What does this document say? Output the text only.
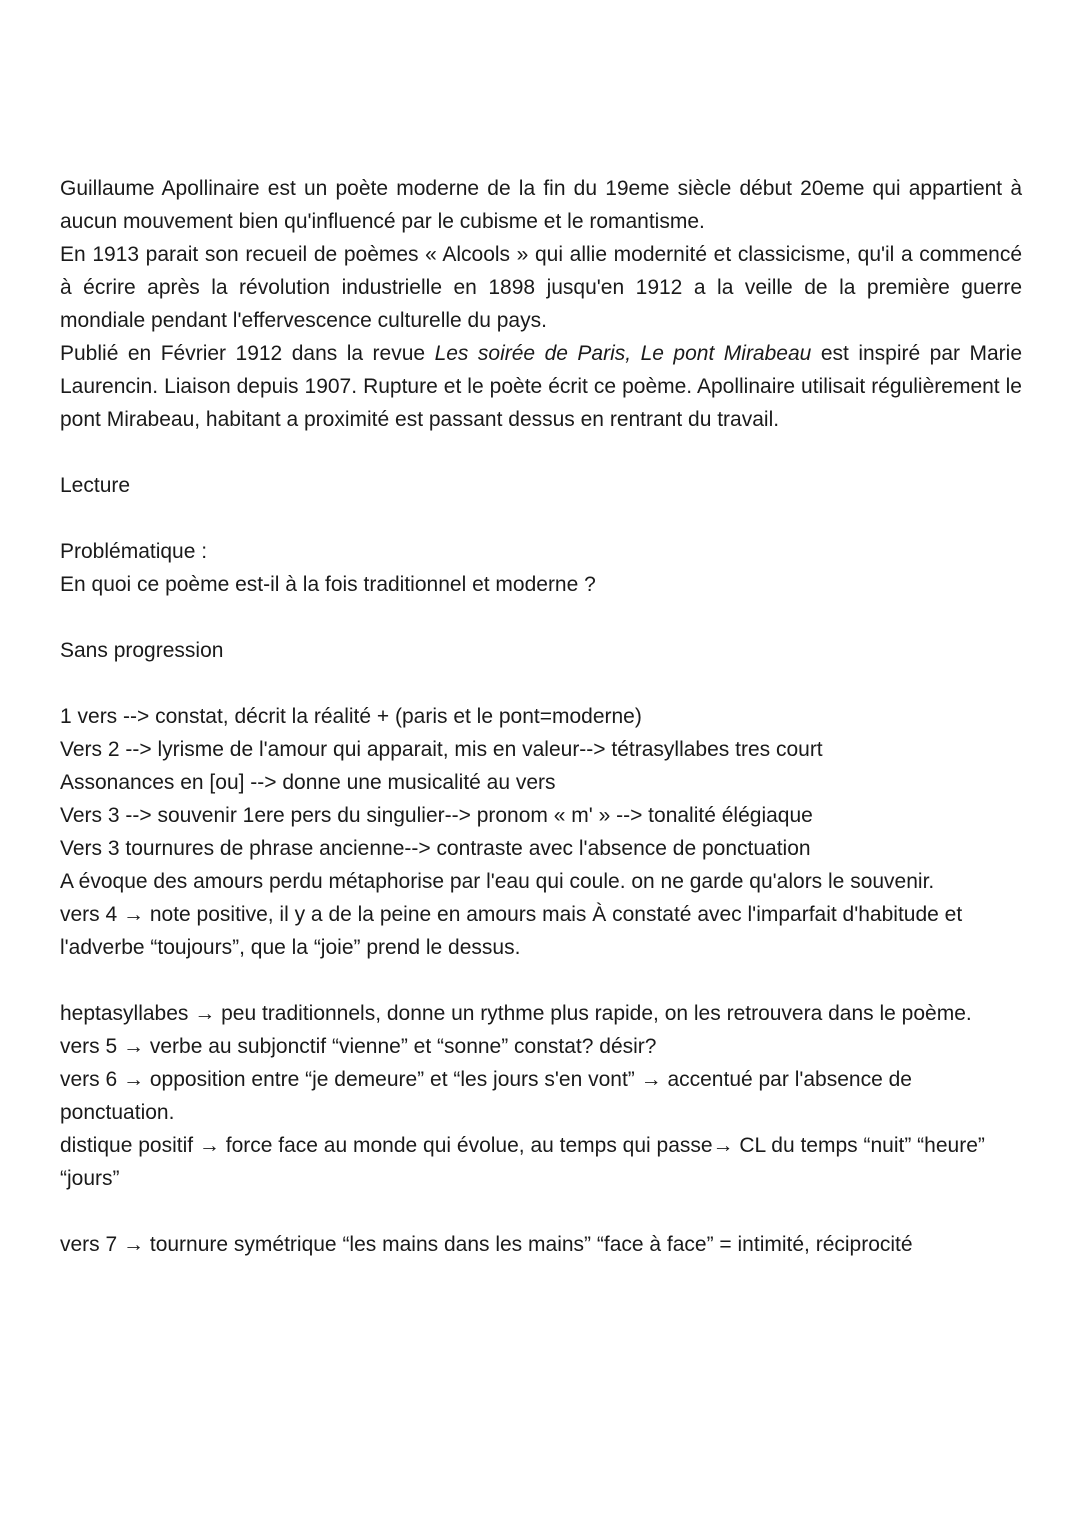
Guillaume Apollinaire est un poète moderne de la fin du 19eme siècle début 20eme qui appartient à aucun mouvement bien qu'influencé par le cubisme et le romantisme.

En 1913 parait son recueil de poèmes « Alcools » qui allie modernité et classicisme, qu'il a commencé à écrire après la révolution industrielle en 1898 jusqu'en 1912 a la veille de la première guerre mondiale pendant l'effervescence culturelle du pays.

Publié en Février 1912 dans la revue Les soirée de Paris, Le pont Mirabeau est inspiré par Marie Laurencin. Liaison depuis 1907. Rupture et le poète écrit ce poème. Apollinaire utilisait régulièrement le pont Mirabeau, habitant a proximité est passant dessus en rentrant du travail.

Lecture

Problématique :

En quoi ce poème est-il à la fois traditionnel et moderne ?

Sans progression

1 vers --> constat, décrit la réalité + (paris et le pont=moderne)
Vers 2 --> lyrisme de l'amour qui apparait, mis en valeur--> tétrasyllabes tres court
Assonances en [ou] --> donne une musicalité au vers
Vers 3 --> souvenir 1ere pers du singulier--> pronom « m' » --> tonalité élégiaque
Vers 3 tournures de phrase ancienne--> contraste avec l'absence de ponctuation
A évoque des amours perdu métaphorise par l'eau qui coule. on ne garde qu'alors le souvenir.
vers 4 → note positive, il y a de la peine en amours mais À constaté avec l'imparfait d'habitude et l'adverbe “toujours”, que la “joie” prend le dessus.
heptasyllabes → peu traditionnels, donne un rythme plus rapide, on les retrouvera dans le poème.
vers 5 → verbe au subjonctif “vienne” et “sonne” constat? désir?
vers 6 → opposition entre “je demeure” et “les jours s'en vont” → accentué par l'absence de ponctuation.
distique positif → force face au monde qui évolue, au temps qui passe→ CL du temps “nuit” “heure” “jours”
vers 7 → tournure symétrique “les mains dans les mains” “face à face” = intimité, réciprocité
